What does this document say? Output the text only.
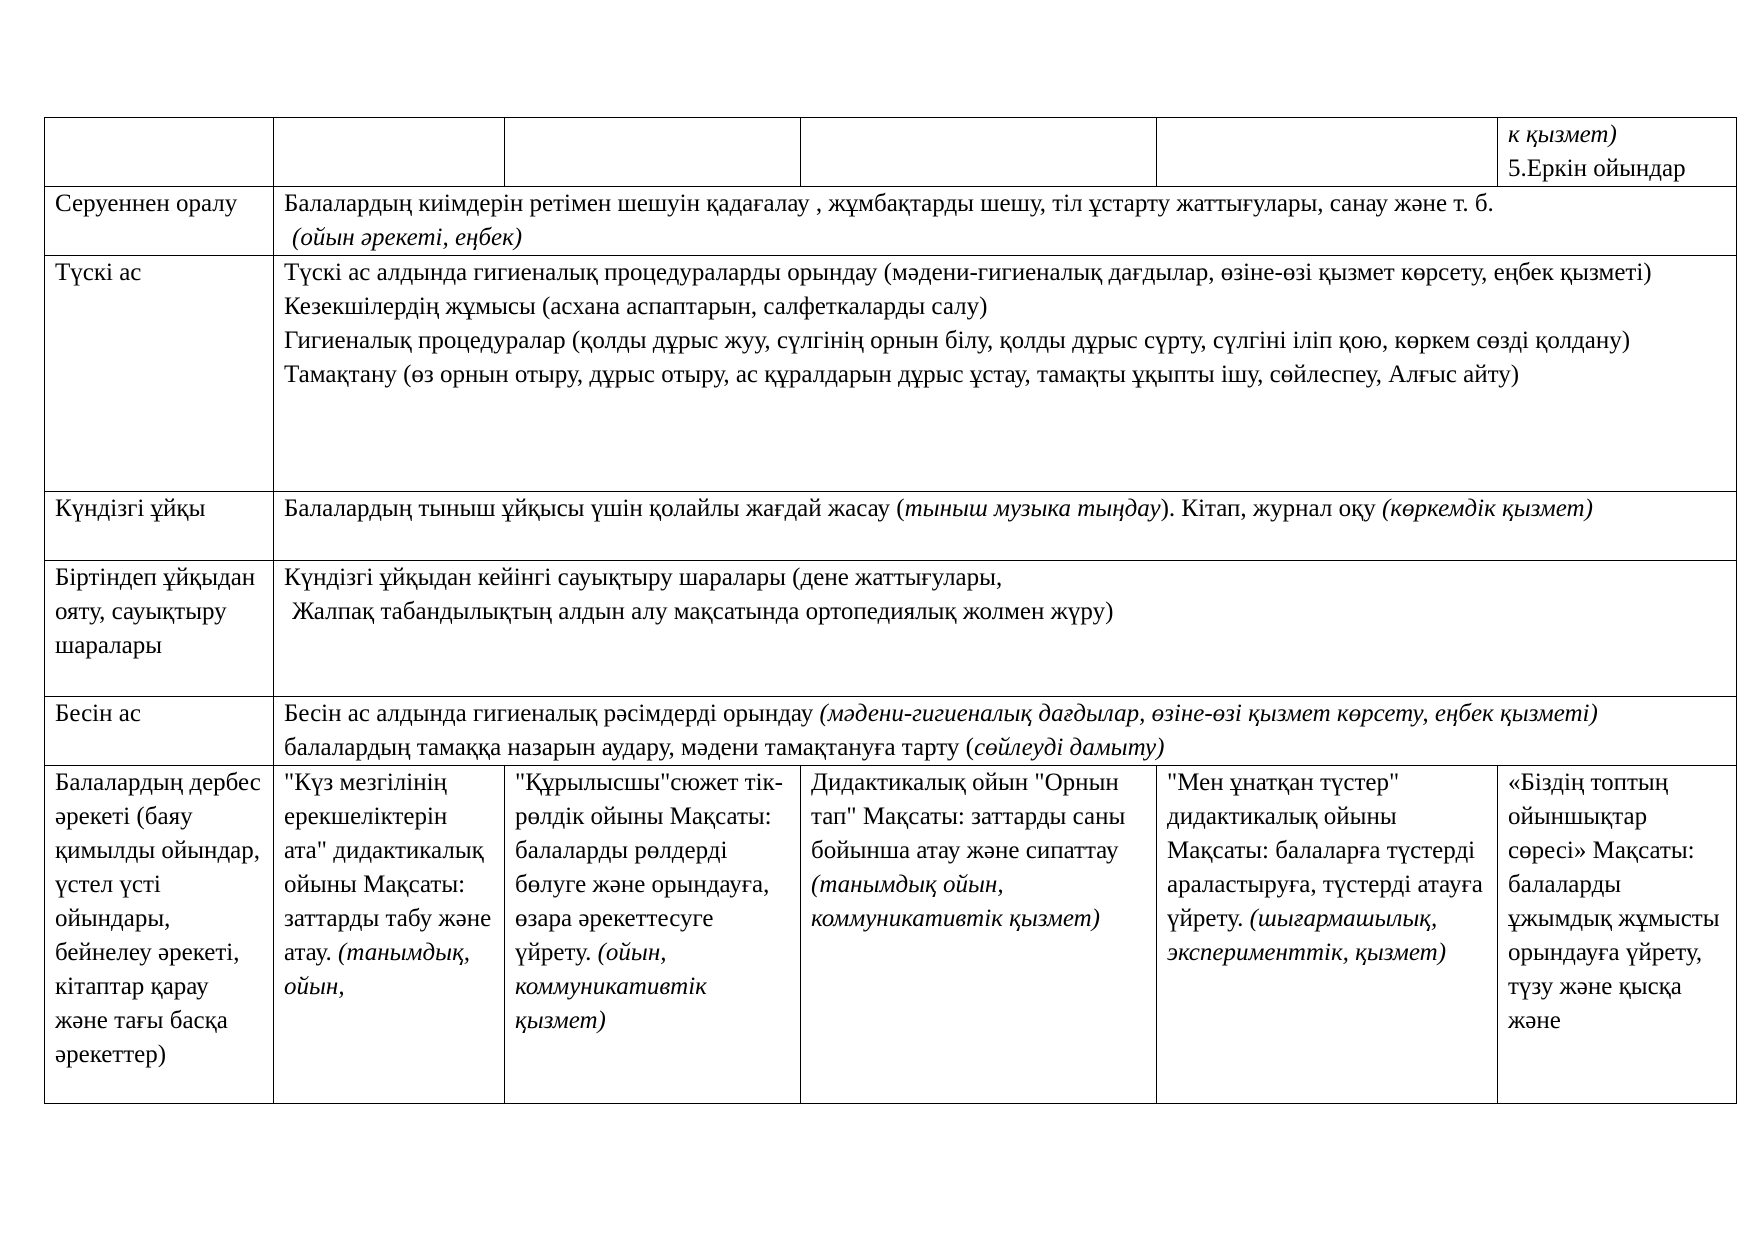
					к қызмет)
5.Еркін ойындар

Серуеннен оралу	Балалардың киімдерін ретімен шешуін қадағалау , жұмбақтарды шешу, тіл ұстарту жаттығулары, санау және т. б.
(ойын әрекеті, еңбек)				

Түскі ас	Түскі ас алдында гигиеналық процедураларды орындау (мәдени-гигиеналық дағдылар, өзіне-өзі қызмет көрсету, еңбек қызметі)
Кезекшілердің жұмысы (асхана аспаптарын, салфеткаларды салу)
Гигиеналық процедуралар (қолды дұрыс жуу, сүлгінің орнын білу, қолды дұрыс сүрту, сүлгіні іліп қою, көркем сөзді қолдану)
Тамақтану (өз орнын отыру, дұрыс отыру, ас құралдарын дұрыс ұстау, тамақты ұқыпты ішу, сөйлеспеу, Алғыс айту)				

Күндізгі ұйқы	Балалардың тыныш ұйқысы үшін қолайлы жағдай жасау (тыныш музыка тыңдау). Кітап, журнал оқу (көркемдік қызмет)				
Біртіндеп ұйқыдан ояту, сауықтыру шаралары	Күндізгі ұйқыдан кейінгі сауықтыру шаралары (дене жаттығулары,
Жалпақ табандылықтың алдын алу мақсатында ортопедиялық жолмен жүру)				

Бесін ас	Бесін ас алдында гигиеналық рәсімдерді орындау (мәдени-гигиеналық дағдылар, өзіне-өзі қызмет көрсету, еңбек қызметі) балалардың тамаққа назарын аудару, мәдени тамақтануға тарту (сөйлеуді дамыту)				
Балалардың дербес әрекеті (баяу қимылды ойындар, үстел үсті ойындары, бейнелеу әрекеті, кітаптар қарау және тағы басқа әрекеттер)	"Күз мезгілінің ерекшеліктерін ата" дидактикалық ойыны Мақсаты: заттарды табу және атау. (танымдық, ойын,	"Құрылысшы"сюжет тік-рөлдік ойыны Мақсаты: балаларды рөлдерді бөлуге және орындауға, өзара әрекеттесуге үйрету. (ойын, коммуникативтік қызмет)	Дидактикалық ойын "Орнын тап" Мақсаты: заттарды саны бойынша атау және сипаттау (танымдық ойын, коммуникативтік қызмет)	"Мен ұнатқан түстер" дидактикалық ойыны Мақсаты: балаларға түстерді араластыруға, түстерді атауға үйрету. (шығармашылық, эксперименттік, қызмет)	«Біздің топтың ойыншықтар сөресі» Мақсаты: балаларды ұжымдық жұмысты орындауға үйрету, түзу және қысқа және
